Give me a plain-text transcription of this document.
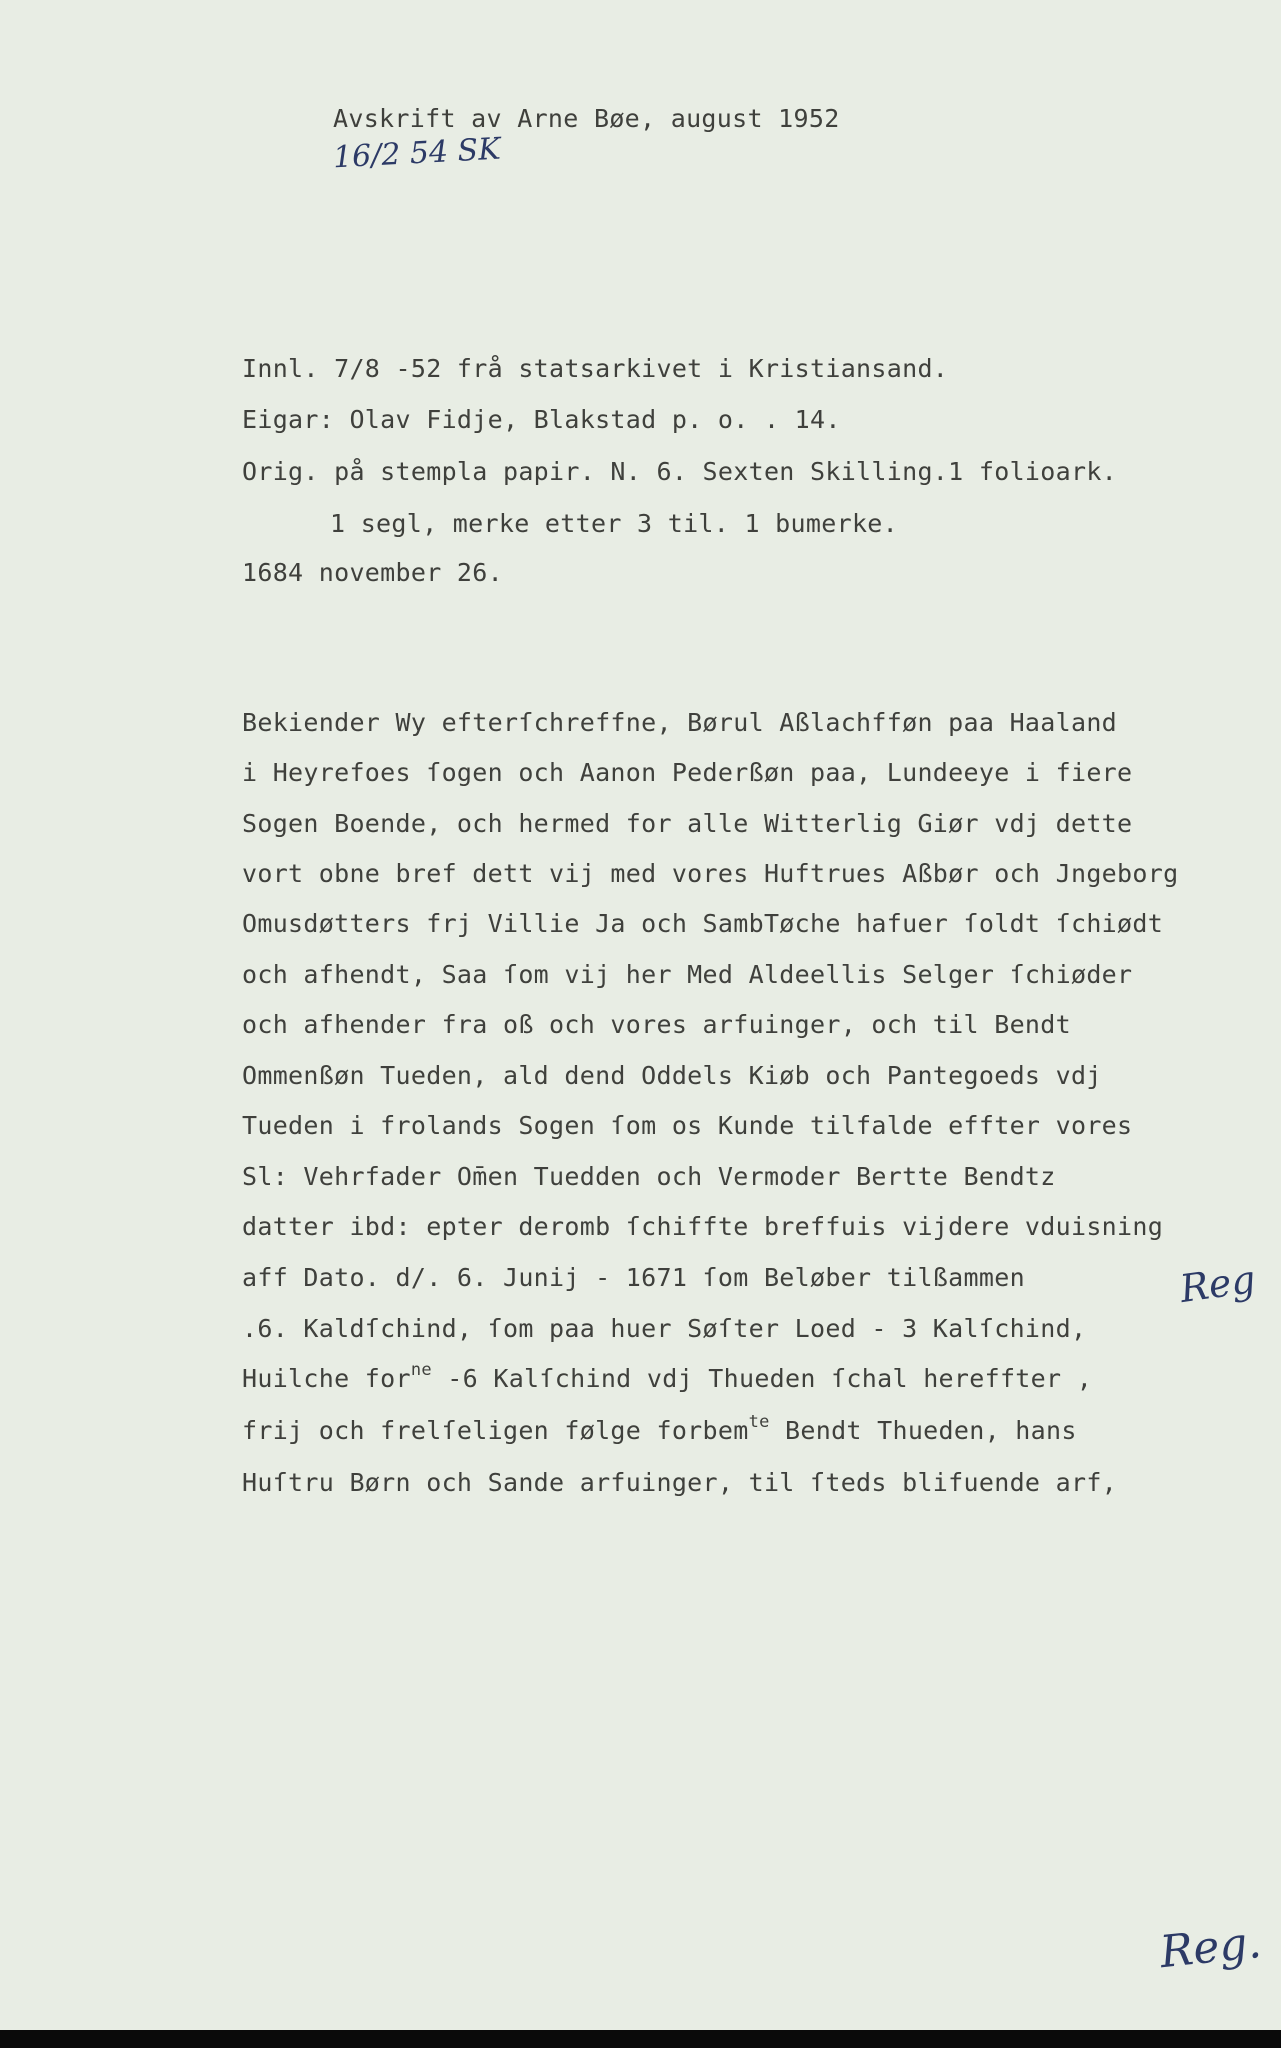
Avskrift av Arne Bøe, august 1952
16/2 54 SK
Innl. 7/8 -52 frå statsarkivet i Kristiansand.
Eigar: Olav Fidje, Blakstad p. o. . 14.
Orig. på stempla papir. N. 6. Sexten Skilling.1 folioark.
1 segl, merke etter 3 til. 1 bumerke.
1684 november 26.
Bekiender Wy efterſchreffne, Børul Aßlachfføn paa Haaland
i Heyrefoes ſogen och Aanon Pederßøn paa, Lundeeye i fiere
Sogen Boende, och hermed for alle Witterlig Giør vdj dette
vort obne bref dett vij med vores Huftrues Aßbør och Jngeborg
Omusdøtters frj Villie Ja och SambTøche hafuer ſoldt ſchiødt
och afhendt, Saa ſom vij her Med Aldeellis Selger ſchiøder
och afhender fra oß och vores arfuinger, och til Bendt
Ommenßøn Tueden, ald dend Oddels Kiøb och Pantegoeds vdj
Tueden i frolands Sogen ſom os Kunde tilfalde effter vores
Sl: Vehrfader Om̄en Tuedden och Vermoder Bertte Bendtz
datter ibd: epter deromb ſchiffte breffuis vijdere vduisning
aff Dato. d/. 6. Junij - 1671 ſom Beløber tilßammen
.6. Kaldſchind, ſom paa huer Søſter Loed - 3 Kalſchind,
Huilche for$^{ne}$ -6 Kalſchind vdj Thueden ſchal hereffter ,
frij och frelſeligen følge forbem$^{te}$ Bendt Thueden, hans
Huſtru Børn och Sande arfuinger, til ſteds blifuende arf,
Reg
Reg.
